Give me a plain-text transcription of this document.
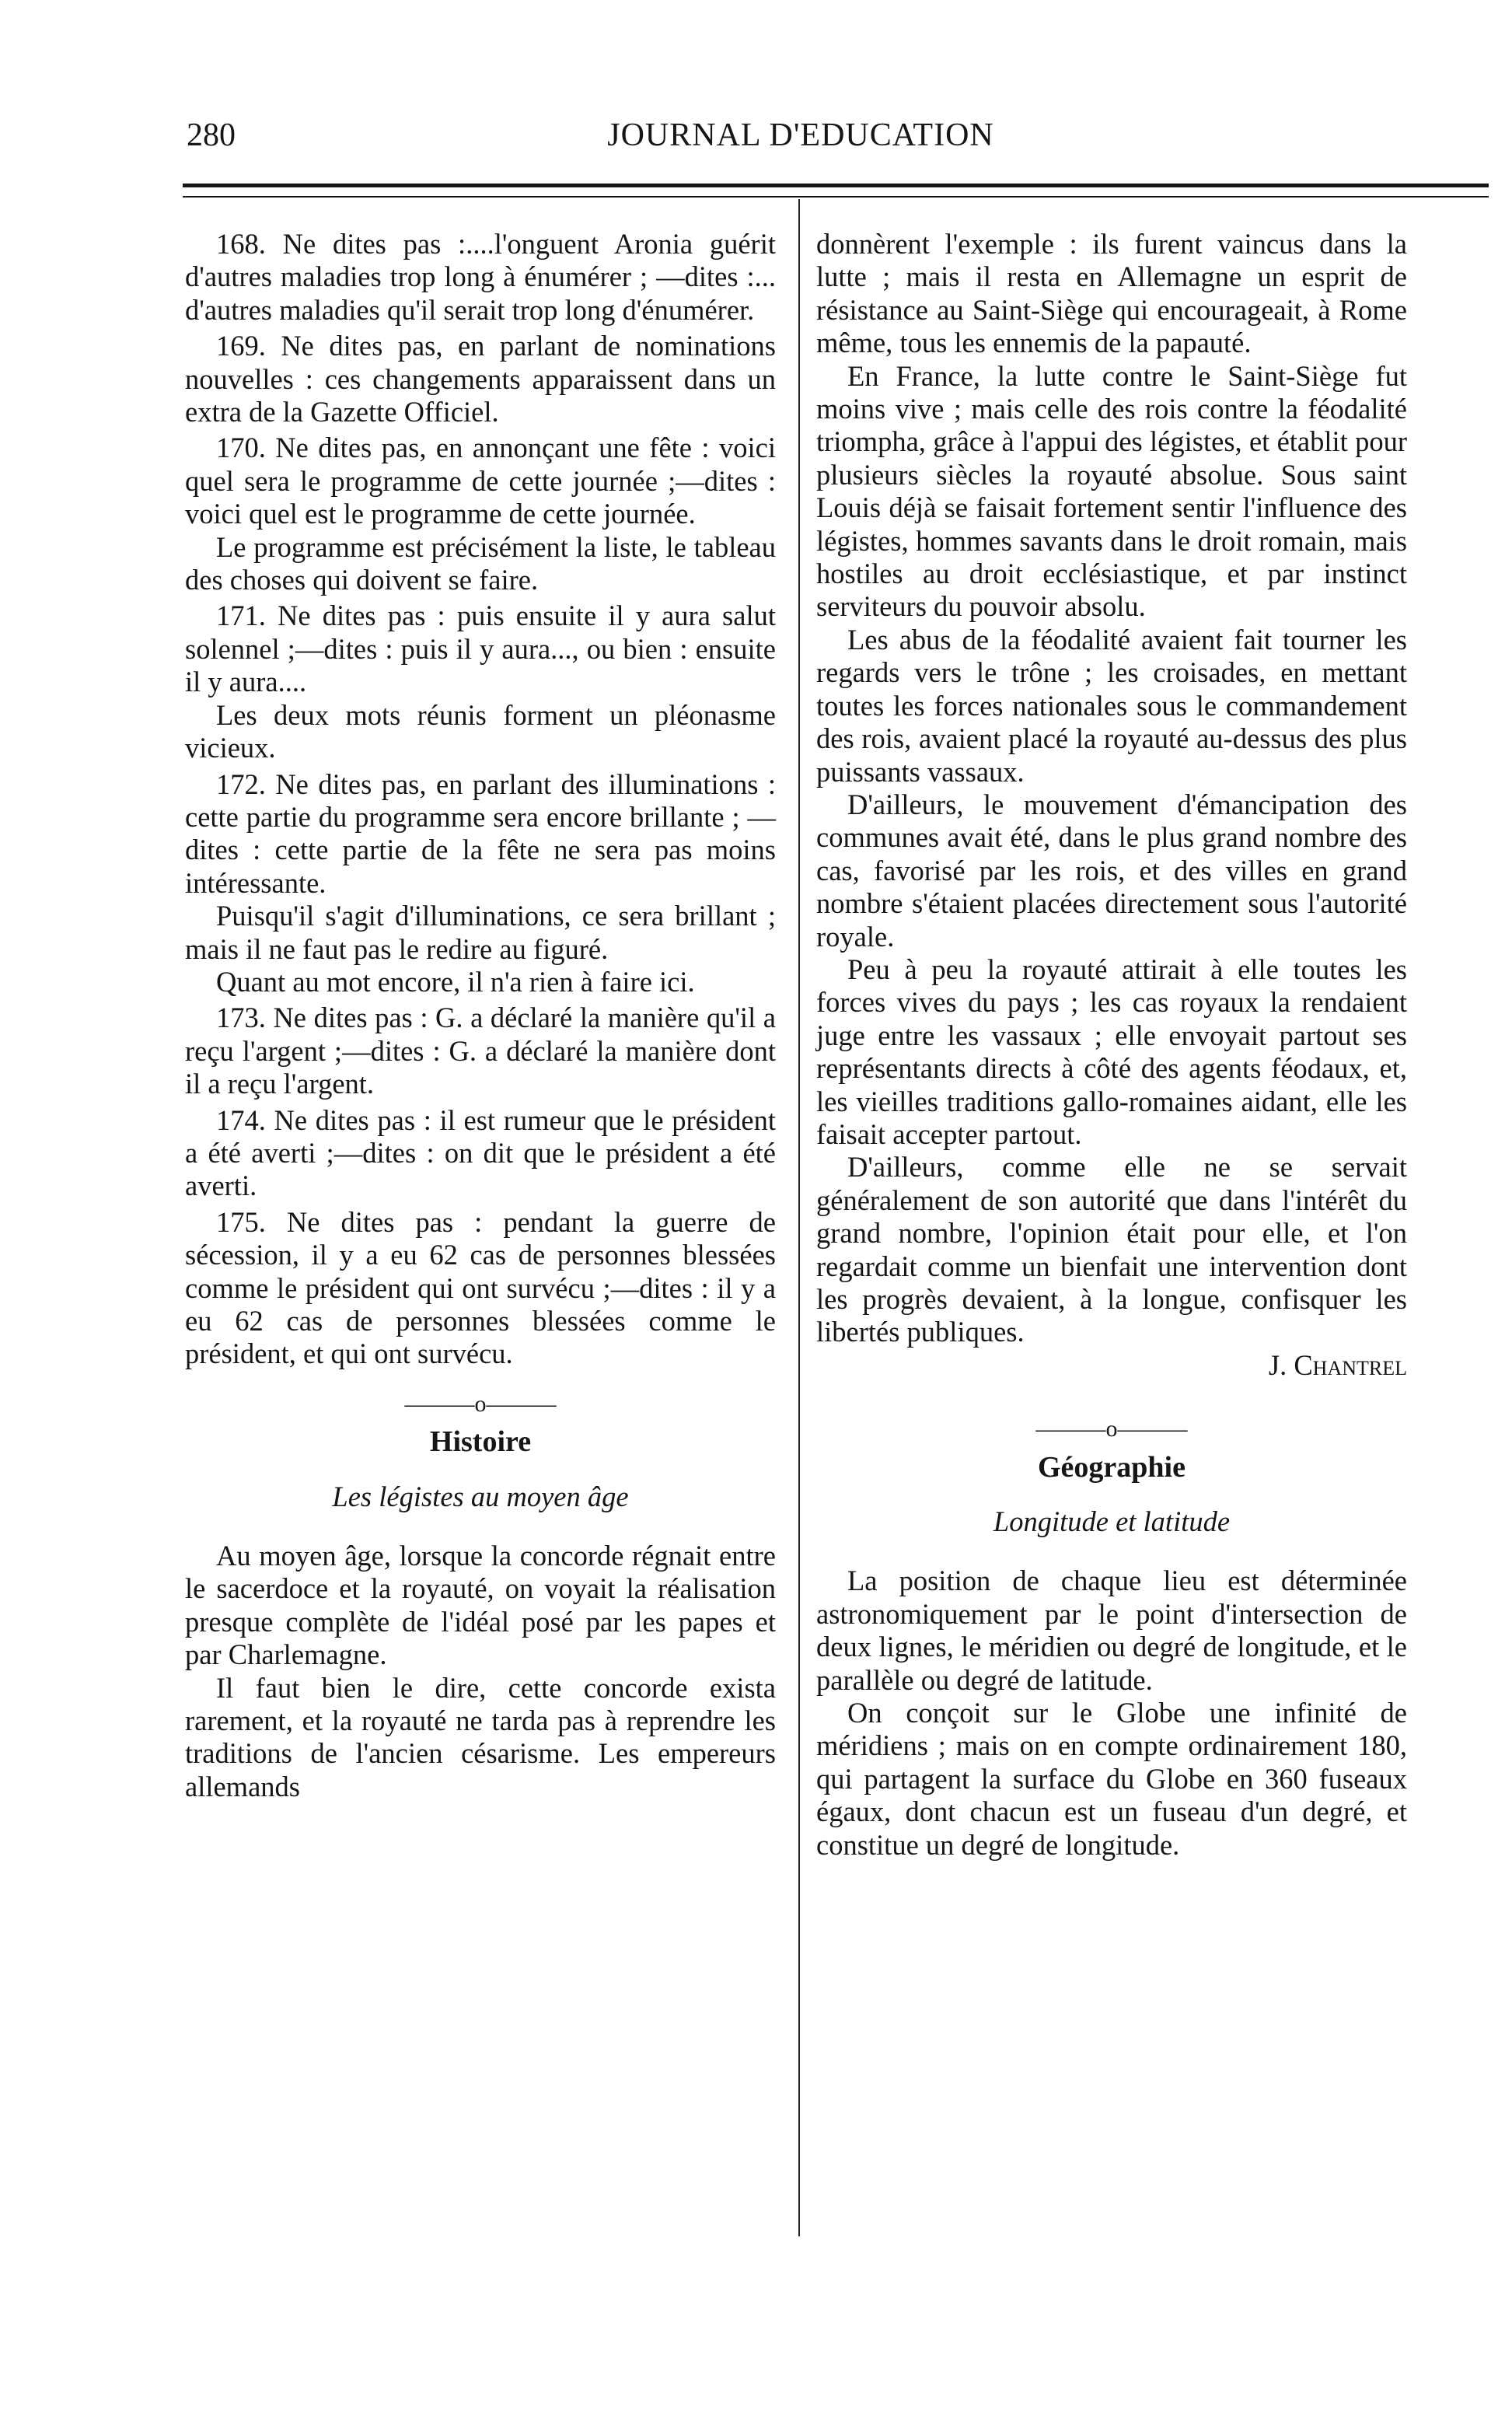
280	JOURNAL D'EDUCATION

168. Ne dites pas :....l'onguent Aronia guérit d'autres maladies trop long à énumérer ; —dites :... d'autres maladies qu'il serait trop long d'énumérer.

169. Ne dites pas, en parlant de nominations nouvelles : ces changements apparaissent dans un extra de la Gazette Officiel.

170. Ne dites pas, en annonçant une fête : voici quel sera le programme de cette journée ;—dites : voici quel est le programme de cette journée.

Le programme est précisément la liste, le tableau des choses qui doivent se faire.

171. Ne dites pas : puis ensuite il y aura salut solennel ;—dites : puis il y aura..., ou bien : ensuite il y aura....

Les deux mots réunis forment un pléonasme vicieux.

172. Ne dites pas, en parlant des illuminations : cette partie du programme sera encore brillante ; — dites : cette partie de la fête ne sera pas moins intéressante.

Puisqu'il s'agit d'illuminations, ce sera brillant ; mais il ne faut pas le redire au figuré.

Quant au mot encore, il n'a rien à faire ici.

173. Ne dites pas : G. a déclaré la manière qu'il a reçu l'argent ;—dites : G. a déclaré la manière dont il a reçu l'argent.

174. Ne dites pas : il est rumeur que le président a été averti ;—dites : on dit que le président a été averti.

175. Ne dites pas : pendant la guerre de sécession, il y a eu 62 cas de personnes blessées comme le président qui ont survécu ;—dites : il y a eu 62 cas de personnes blessées comme le président, et qui ont survécu.

———o———
Histoire
Les légistes au moyen âge

Au moyen âge, lorsque la concorde régnait entre le sacerdoce et la royauté, on voyait la réalisation presque complète de l'idéal posé par les papes et par Charlemagne.

Il faut bien le dire, cette concorde exista rarement, et la royauté ne tarda pas à reprendre les traditions de l'ancien césarisme. Les empereurs allemands

donnèrent l'exemple : ils furent vaincus dans la lutte ; mais il resta en Allemagne un esprit de résistance au Saint-Siège qui encourageait, à Rome même, tous les ennemis de la papauté.

En France, la lutte contre le Saint-Siège fut moins vive ; mais celle des rois contre la féodalité triompha, grâce à l'appui des légistes, et établit pour plusieurs siècles la royauté absolue. Sous saint Louis déjà se faisait fortement sentir l'influence des légistes, hommes savants dans le droit romain, mais hostiles au droit ecclésiastique, et par instinct serviteurs du pouvoir absolu.

Les abus de la féodalité avaient fait tourner les regards vers le trône ; les croisades, en mettant toutes les forces nationales sous le commandement des rois, avaient placé la royauté au-dessus des plus puissants vassaux.

D'ailleurs, le mouvement d'émancipation des communes avait été, dans le plus grand nombre des cas, favorisé par les rois, et des villes en grand nombre s'étaient placées directement sous l'autorité royale.

Peu à peu la royauté attirait à elle toutes les forces vives du pays ; les cas royaux la rendaient juge entre les vassaux ; elle envoyait partout ses représentants directs à côté des agents féodaux, et, les vieilles traditions gallo-romaines aidant, elle les faisait accepter partout.

D'ailleurs, comme elle ne se servait généralement de son autorité que dans l'intérêt du grand nombre, l'opinion était pour elle, et l'on regardait comme un bienfait une intervention dont les progrès devaient, à la longue, confisquer les libertés publiques.

J. Chantrel
———o———
Géographie
Longitude et latitude

La position de chaque lieu est déterminée astronomiquement par le point d'intersection de deux lignes, le méridien ou degré de longitude, et le parallèle ou degré de latitude.

On conçoit sur le Globe une infinité de méridiens ; mais on en compte ordinairement 180, qui partagent la surface du Globe en 360 fuseaux égaux, dont chacun est un fuseau d'un degré, et constitue un degré de longitude.
